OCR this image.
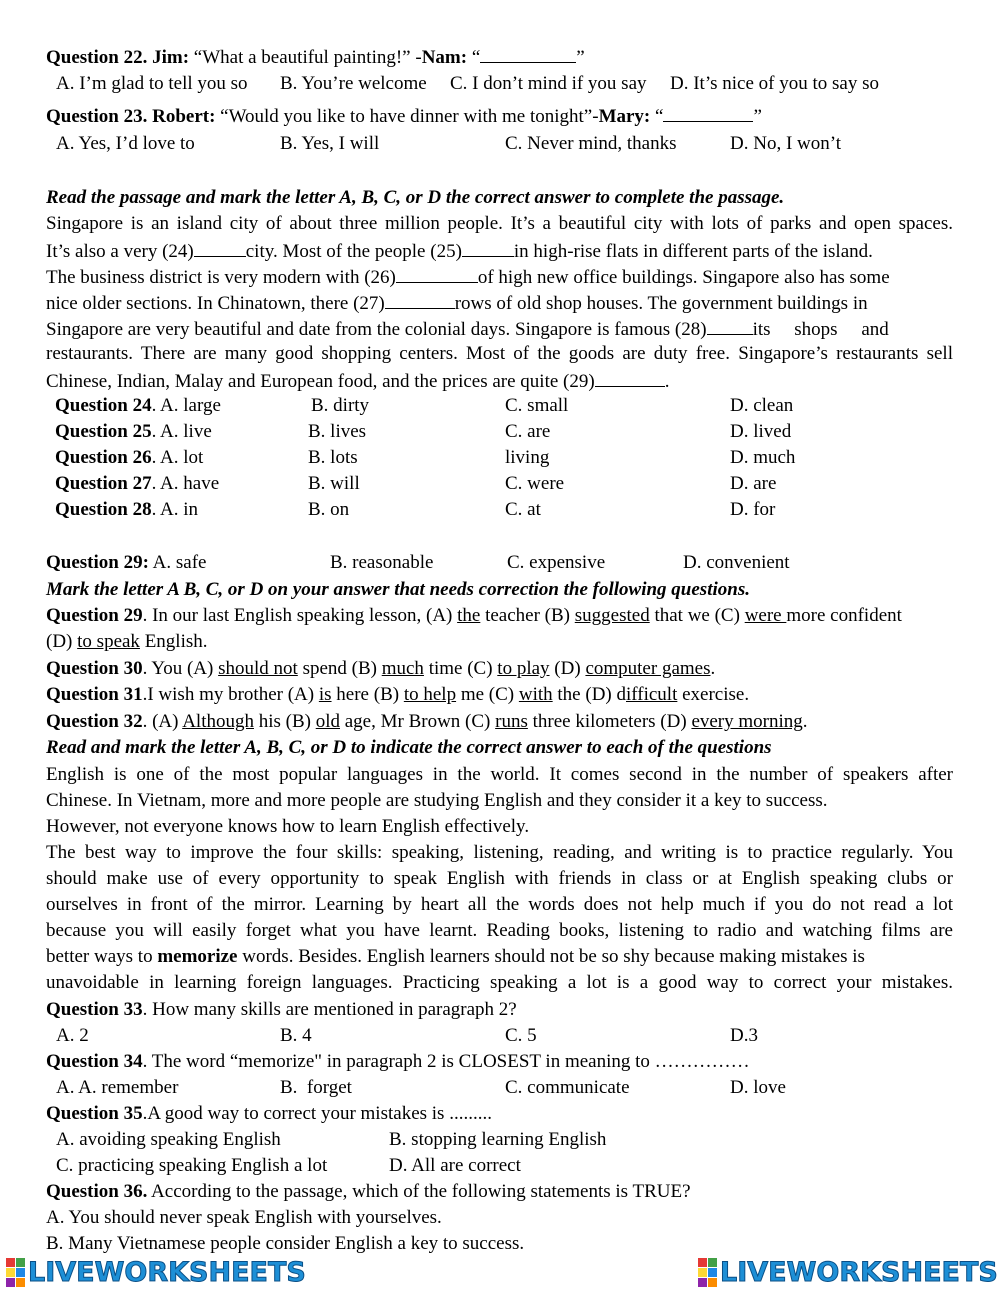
Question 22. Jim: “What a beautiful painting!” -Nam: “	”
A. I’m glad to tell you so B. You’re welcome C. I don’t mind if you say D. It’s nice of you to say so
Question 23. Robert: “Would you like to have dinner with me tonight”-Mary: “	”
A. Yes, I’d love to	B. Yes, I will	C. Never mind, thanks	D. No, I won’t
Read the passage and mark the letter A, B, C, or D the correct answer to complete the passage.
Singapore is an island city of about three million people. It’s a beautiful city with lots of parks and open spaces.
It’s also a very (24)	city. Most of the people (25)	in high-rise flats in different parts of the island.
The business district is very modern with (26)	of high new office buildings. Singapore also has some
nice older sections. In Chinatown, there (27)	rows of old shop houses. The government buildings in
Singapore are very beautiful and date from the colonial days. Singapore is famous (28) its     shops     and
restaurants. There are many good shopping centers. Most of the goods are duty free. Singapore’s restaurants sell
Chinese, Indian, Malay and European food, and the prices are quite (29)	.
Question 24. A. large	B. dirty	C. small	D. clean
Question 25. A. live	B. lives	C. are	D. lived
Question 26. A. lot	B. lots	living	D. much
Question 27. A. have	B. will	C. were	D. are
Question 28. A. in	B. on	C. at	D. for
Question 29: A. safe	B. reasonable	C. expensive	D. convenient
Mark the letter A B, C, or D on your answer that needs correction the following questions.
Question 29. In our last English speaking lesson, (A) the teacher (B) suggested that we (C) were more confident
(D) to speak English.
Question 30. You (A) should not spend (B) much time (C) to play (D) computer games.
Question 31.I wish my brother (A) is here (B) to help me (C) with the (D) difficult exercise.
Question 32. (A) Although his (B) old age, Mr Brown (C) runs three kilometers (D) every morning.
Read and mark the letter A, B, C, or D to indicate the correct answer to each of the questions
English is one of the most popular languages in the world. It comes second in the number of speakers after
Chinese. In Vietnam, more and more people are studying English and they consider it a key to success.
However, not everyone knows how to learn English effectively.
The best way to improve the four skills: speaking, listening, reading, and writing is to practice regularly. You
should make use of every opportunity to speak English with friends in class or at English speaking clubs or
ourselves in front of the mirror. Learning by heart all the words does not help much if you do not read a lot
because you will easily forget what you have learnt. Reading books, listening to radio and watching films are
better ways to memorize words. Besides. English learners should not be so shy because making mistakes is
unavoidable in learning foreign languages. Practicing speaking a lot is a good way to correct your mistakes.
Question 33. How many skills are mentioned in paragraph 2?
A. 2	B. 4	C. 5	D.3
Question 34. The word “memorize" in paragraph 2 is CLOSEST in meaning to ……………
A. A. remember	B.  forget	C. communicate	D. love
Question 35.A good way to correct your mistakes is .........
A. avoiding speaking English	B. stopping learning English
C. practicing speaking English a lot	D. All are correct
Question 36. According to the passage, which of the following statements is TRUE?
A. You should never speak English with yourselves.
B. Many Vietnamese people consider English a key to success.
LIVEWORKSHEETS	LIVEWORKSHEETS
